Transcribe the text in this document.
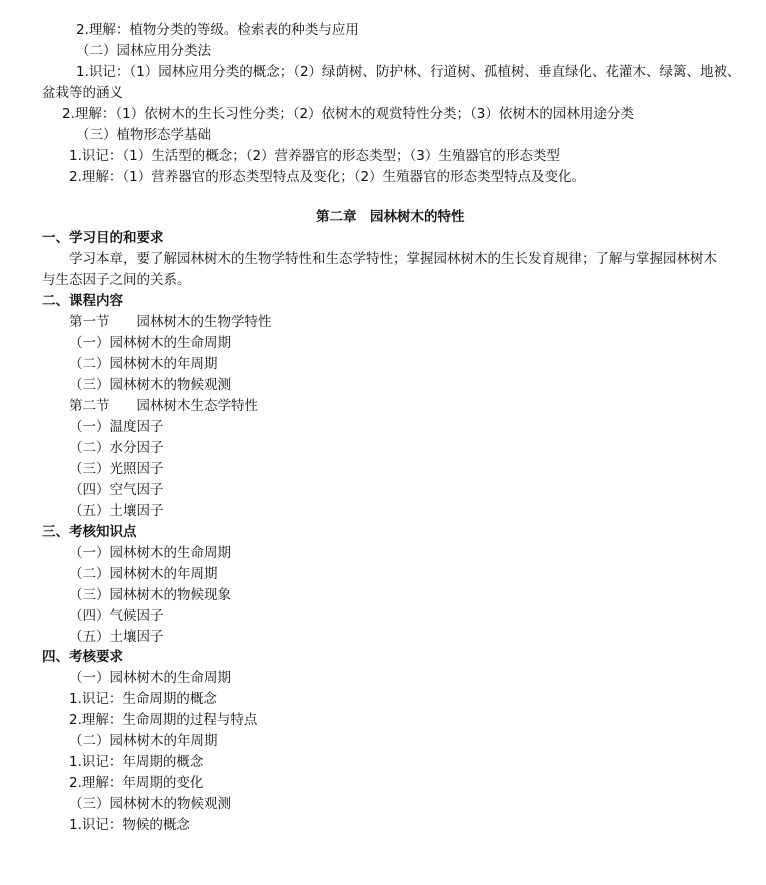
2.理解：植物分类的等级。检索表的种类与应用
（二）园林应用分类法
1.识记：（1）园林应用分类的概念；（2）绿荫树、防护林、行道树、孤植树、垂直绿化、花灌木、绿篱、地被、
盆栽等的涵义
2.理解：（1）依树木的生长习性分类；（2）依树木的观赏特性分类；（3）依树木的园林用途分类
（三）植物形态学基础
1.识记：（1）生活型的概念；（2）营养器官的形态类型；（3）生殖器官的形态类型
2.理解：（1）营养器官的形态类型特点及变化；（2）生殖器官的形态类型特点及变化。
第二章　园林树木的特性
一、学习目的和要求
学习本章，要了解园林树木的生物学特性和生态学特性；掌握园林树木的生长发育规律；了解与掌握园林树木
与生态因子之间的关系。
二、课程内容
第一节　　园林树木的生物学特性
（一）园林树木的生命周期
（二）园林树木的年周期
（三）园林树木的物候观测
第二节　　园林树木生态学特性
（一）温度因子
（二）水分因子
（三）光照因子
（四）空气因子
（五）土壤因子
三、考核知识点
（一）园林树木的生命周期
（二）园林树木的年周期
（三）园林树木的物候现象
（四）气候因子
（五）土壤因子
四、考核要求
（一）园林树木的生命周期
1.识记：生命周期的概念
2.理解：生命周期的过程与特点
（二）园林树木的年周期
1.识记：年周期的概念
2.理解：年周期的变化
（三）园林树木的物候观测
1.识记：物候的概念
